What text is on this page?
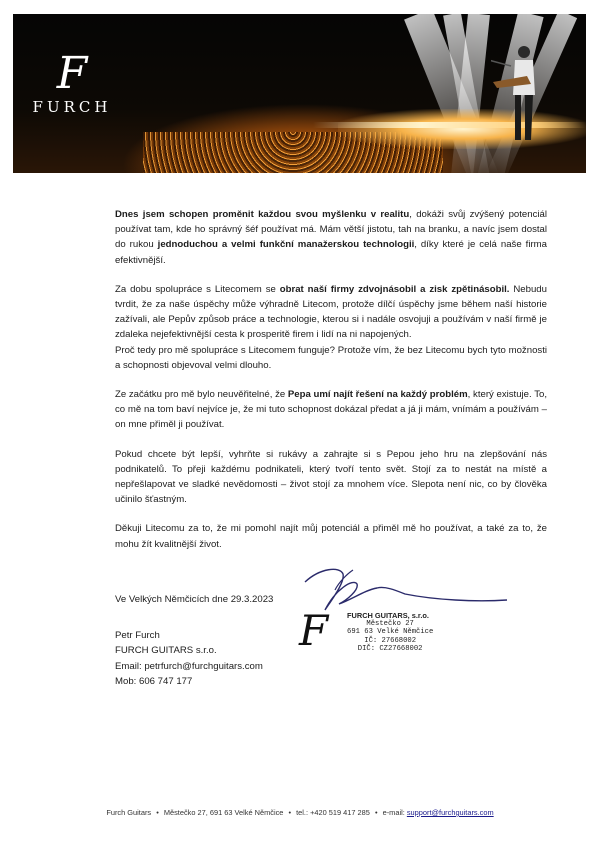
F
FURCH

Dnes jsem schopen proměnit každou svou myšlenku v realitu, dokáži svůj zvýšený potenciál používat tam, kde ho správný šéf používat má. Mám větší jistotu, tah na branku, a navíc jsem dostal do rukou jednoduchou a velmi funkční manažerskou technologii, díky které je celá naše firma efektivnější.

Za dobu spolupráce s Litecomem se obrat naší firmy zdvojnásobil a zisk zpětinásobil. Nebudu tvrdit, že za naše úspěchy může výhradně Litecom, protože dílčí úspěchy jsme během naší historie zažívali, ale Pepův způsob práce a technologie, kterou si i nadále osvojuji a používám v naší firmě je zdaleka nejefektivnější cesta k prosperitě firem i lidí na ni napojených.
Proč tedy pro mě spolupráce s Litecomem funguje? Protože vím, že bez Litecomu bych tyto možnosti a schopnosti objevoval velmi dlouho.

Ze začátku pro mě bylo neuvěřitelné, že Pepa umí najít řešení na každý problém, který existuje. To, co mě na tom baví nejvíce je, že mi tuto schopnost dokázal předat a já ji mám, vnímám a používám – on mne přiměl ji používat.

Pokud chcete být lepší, vyhrňte si rukávy a zahrajte si s Pepou jeho hru na zlepšování nás podnikatelů. To přeji každému podnikateli, který tvoří tento svět. Stojí za to nestát na místě a nepřešlapovat ve sladké nevědomosti – život stojí za mnohem více. Slepota není nic, co by člověka učinilo šťastným.

Děkuji Litecomu za to, že mi pomohl najít můj potenciál a přiměl mě ho používat, a také za to, že mohu žít kvalitnější život.

Ve Velkých Němčicích dne 29.3.2023
Petr Furch
FURCH GUITARS s.r.o.
Email: petrfurch@furchguitars.com
Mob: 606 747 177
F	FURCH GUITARS, s.r.o.
Městečko 27
691 63 Velké Němčice
IČ: 27668002
DIČ: CZ27668002
Furch Guitars • Městečko 27, 691 63 Velké Němčice • tel.: +420 519 417 285 • e-mail: support@furchguitars.com
